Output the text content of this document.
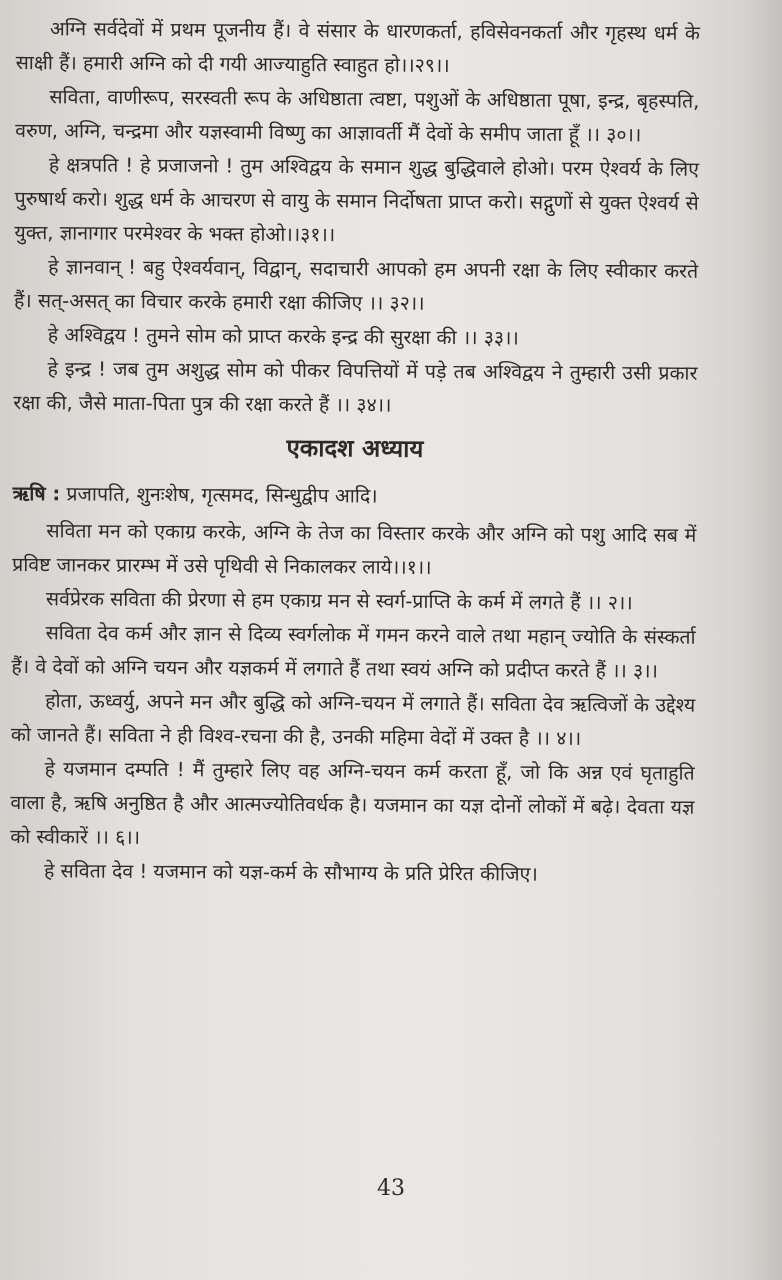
अग्नि सर्वदेवों में प्रथम पूजनीय हैं। वे संसार के धारणकर्ता, हविसेवनकर्ता और गृहस्थ धर्म के साक्षी हैं। हमारी अग्नि को दी गयी आज्याहुति स्वाहुत हो।।२९।।

सविता, वाणीरूप, सरस्वती रूप के अधिष्ठाता त्वष्टा, पशुओं के अधिष्ठाता पूषा, इन्द्र, बृहस्पति, वरुण, अग्नि, चन्द्रमा और यज्ञस्वामी विष्णु का आज्ञावर्ती मैं देवों के समीप जाता हूँ ।। ३०।।

हे क्षत्रपति ! हे प्रजाजनो ! तुम अश्विद्वय के समान शुद्ध बुद्धिवाले होओ। परम ऐश्वर्य के लिए पुरुषार्थ करो। शुद्ध धर्म के आचरण से वायु के समान निर्दोषता प्राप्त करो। सद्गुणों से युक्त ऐश्वर्य से युक्त, ज्ञानागार परमेश्वर के भक्त होओ।।३१।।

हे ज्ञानवान् ! बहु ऐश्वर्यवान्, विद्वान्, सदाचारी आपको हम अपनी रक्षा के लिए स्वीकार करते हैं। सत्-असत् का विचार करके हमारी रक्षा कीजिए ।। ३२।।

हे अश्विद्वय ! तुमने सोम को प्राप्त करके इन्द्र की सुरक्षा की ।। ३३।।

हे इन्द्र ! जब तुम अशुद्ध सोम को पीकर विपत्तियों में पड़े तब अश्विद्वय ने तुम्हारी उसी प्रकार रक्षा की, जैसे माता-पिता पुत्र की रक्षा करते हैं ।। ३४।।

एकादश अध्याय

ऋषि : प्रजापति, शुनःशेष, गृत्समद, सिन्धुद्वीप आदि।

सविता मन को एकाग्र करके, अग्नि के तेज का विस्तार करके और अग्नि को पशु आदि सब में प्रविष्ट जानकर प्रारम्भ में उसे पृथिवी से निकालकर लाये।।१।।

सर्वप्रेरक सविता की प्रेरणा से हम एकाग्र मन से स्वर्ग-प्राप्ति के कर्म में लगते हैं ।। २।।

सविता देव कर्म और ज्ञान से दिव्य स्वर्गलोक में गमन करने वाले तथा महान् ज्योति के संस्कर्ता हैं। वे देवों को अग्नि चयन और यज्ञकर्म में लगाते हैं तथा स्वयं अग्नि को प्रदीप्त करते हैं ।। ३।।

होता, ऊध्वर्यु, अपने मन और बुद्धि को अग्नि-चयन में लगाते हैं। सविता देव ऋत्विजों के उद्देश्य को जानते हैं। सविता ने ही विश्व-रचना की है, उनकी महिमा वेदों में उक्त है ।। ४।।

हे यजमान दम्पति ! मैं तुम्हारे लिए वह अग्नि-चयन कर्म करता हूँ, जो कि अन्न एवं घृताहुति वाला है, ऋषि अनुष्ठित है और आत्मज्योतिवर्धक है। यजमान का यज्ञ दोनों लोकों में बढ़े। देवता यज्ञ को स्वीकारें ।। ६।।

हे सविता देव ! यजमान को यज्ञ-कर्म के सौभाग्य के प्रति प्रेरित कीजिए।

43
